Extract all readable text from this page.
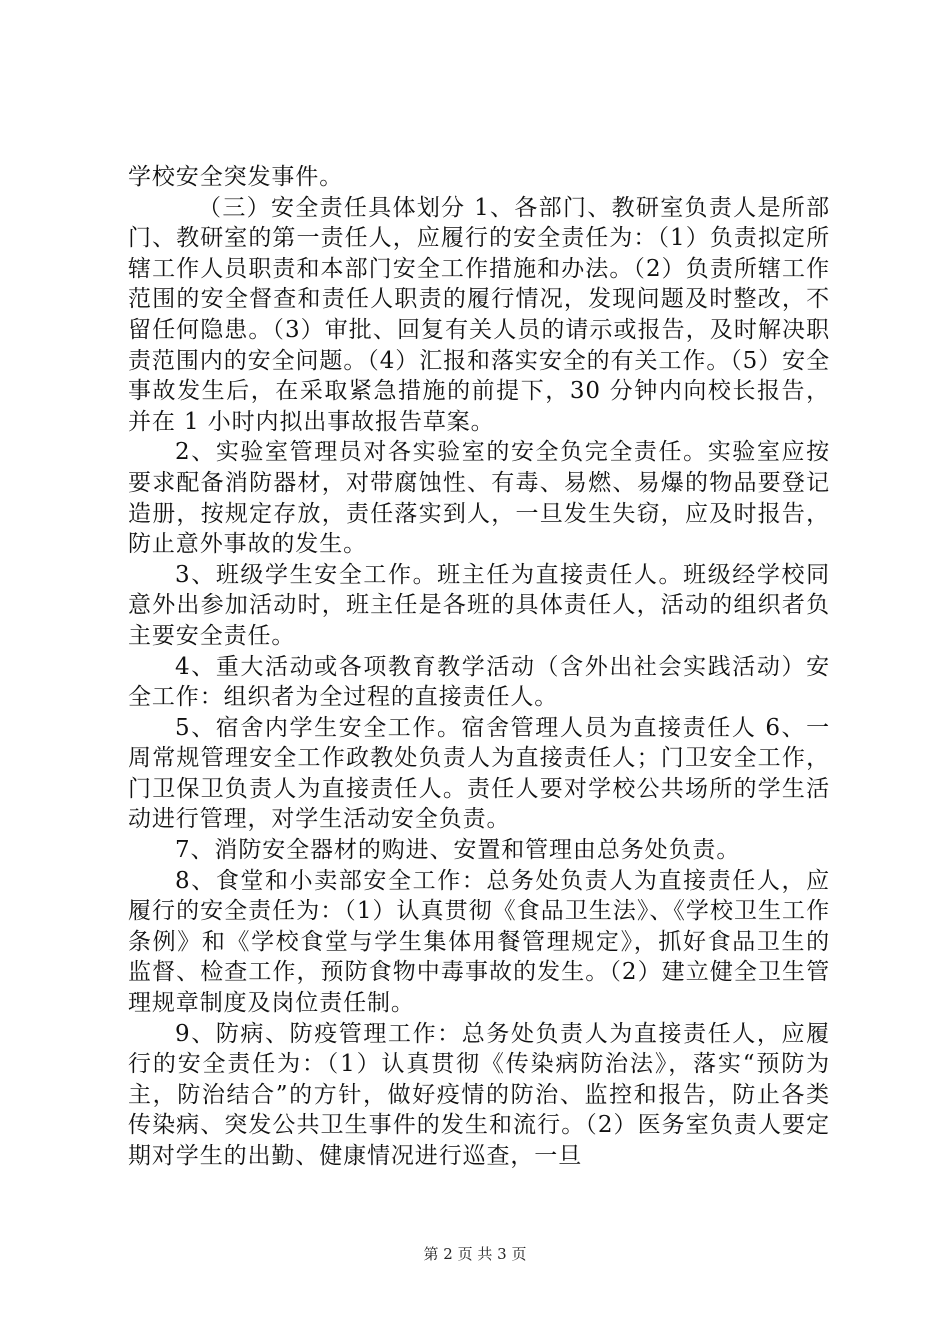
学校安全突发事件。

（三）安全责任具体划分 1、各部门、教研室负责人是所部门、教研室的第一责任人，应履行的安全责任为：（1）负责拟定所辖工作人员职责和本部门安全工作措施和办法。（2）负责所辖工作范围的安全督查和责任人职责的履行情况，发现问题及时整改，不留任何隐患。（3）审批、回复有关人员的请示或报告，及时解决职责范围内的安全问题。（4）汇报和落实安全的有关工作。（5）安全事故发生后，在采取紧急措施的前提下，30 分钟内向校长报告，并在 1 小时内拟出事故报告草案。

2、实验室管理员对各实验室的安全负完全责任。实验室应按要求配备消防器材，对带腐蚀性、有毒、易燃、易爆的物品要登记造册，按规定存放，责任落实到人，一旦发生失窃，应及时报告，防止意外事故的发生。

3、班级学生安全工作。班主任为直接责任人。班级经学校同意外出参加活动时，班主任是各班的具体责任人，活动的组织者负主要安全责任。

4、重大活动或各项教育教学活动（含外出社会实践活动）安全工作：组织者为全过程的直接责任人。

5、宿舍内学生安全工作。宿舍管理人员为直接责任人 6、一周常规管理安全工作政教处负责人为直接责任人；门卫安全工作，门卫保卫负责人为直接责任人。责任人要对学校公共场所的学生活动进行管理，对学生活动安全负责。

7、消防安全器材的购进、安置和管理由总务处负责。

8、食堂和小卖部安全工作：总务处负责人为直接责任人，应履行的安全责任为：（1）认真贯彻《食品卫生法》、《学校卫生工作条例》和《学校食堂与学生集体用餐管理规定》，抓好食品卫生的监督、检查工作，预防食物中毒事故的发生。（2）建立健全卫生管理规章制度及岗位责任制。

9、防病、防疫管理工作：总务处负责人为直接责任人，应履行的安全责任为：（1）认真贯彻《传染病防治法》，落实“预防为主，防治结合”的方针，做好疫情的防治、监控和报告，防止各类传染病、突发公共卫生事件的发生和流行。（2）医务室负责人要定期对学生的出勤、健康情况进行巡查，一旦

第 2 页 共 3 页
